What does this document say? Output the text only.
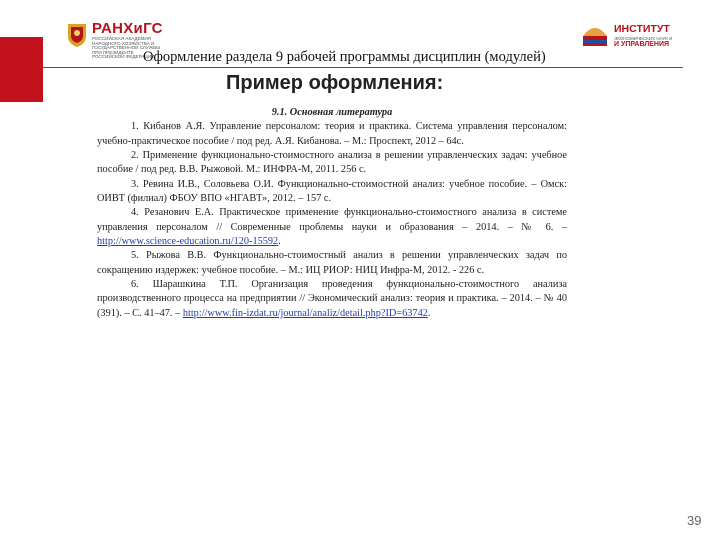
РАНХиГС
РОССИЙСКАЯ АКАДЕМИЯ НАРОДНОГО ХОЗЯЙСТВА И ГОСУДАРСТВЕННОЙ СЛУЖБЫ ПРИ ПРЕЗИДЕНТЕ РОССИЙСКОЙ ФЕДЕРАЦИИ
ИНСТИТУТ
ЭКОНОМИЧЕСКИХ НАУК И
И УПРАВЛЕНИЯ
Оформление раздела 9 рабочей программы дисциплин (модулей)
Пример оформления:

9.1. Основная литература

1. Кибанов А.Я. Управление персоналом: теория и практика. Система управления персоналом: учебно-практическое пособие / под ред. А.Я. Кибанова. – М.: Проспект, 2012 – 64с.

2. Применение функционально-стоимостного анализа в решении управленческих задач: учебное пособие / под ред. В.В. Рыжовой. М.: ИНФРА-М, 2011. 256 с.

3. Ревина И.В., Соловьева О.И. Функционально-стоимостной анализ: учебное пособие. – Омск: ОИВТ (филиал) ФБОУ ВПО «НГАВТ», 2012. – 157 с.

4. Резанович Е.А. Практическое применение функционально-стоимостного анализа в системе управления персоналом // Современные проблемы науки и образования – 2014. – № 6. – http://www.science-education.ru/120-15592.

5. Рыжова В.В. Функционально-стоимостный анализ в решении управленческих задач по сокращению издержек: учебное пособие. – М.: ИЦ РИОР: НИЦ Инфра-М, 2012. - 226 с.

6. Шарашкина Т.П. Организация проведения функционально-стоимостного анализа производственного процесса на предприятии // Экономический анализ: теория и практика. – 2014. – № 40 (391). – С. 41–47. – http://www.fin-izdat.ru/journal/analiz/detail.php?ID=63742.

39
